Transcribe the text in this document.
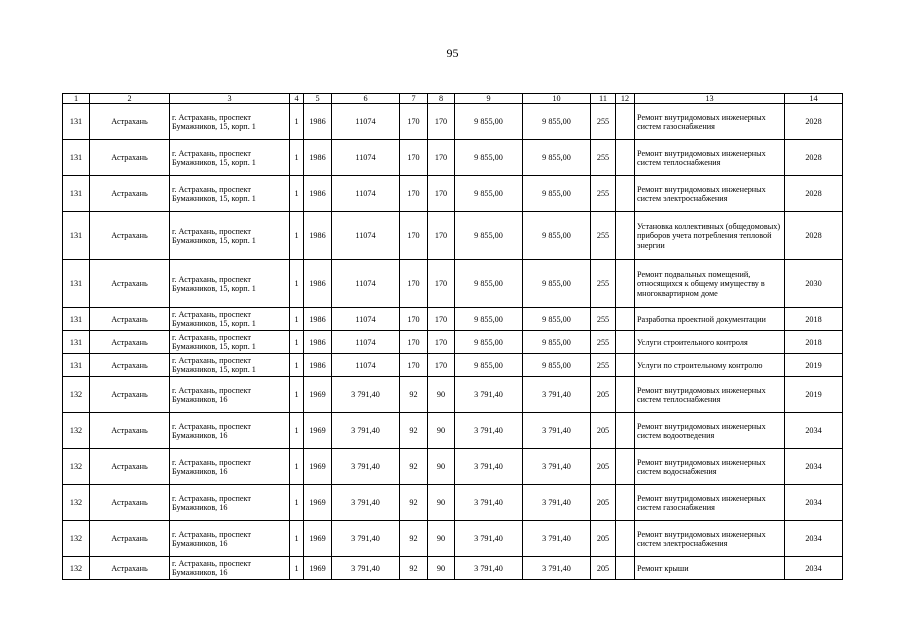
95
1	2	3	4	5	6	7	8	9	10	11	12	13	14
131	Астрахань	г. Астрахань, проспект Бумажников, 15, корп. 1	1	1986	11074	170	170	9 855,00	9 855,00	255		Ремонт внутридомовых инженерных систем газоснабжения	2028
131	Астрахань	г. Астрахань, проспект Бумажников, 15, корп. 1	1	1986	11074	170	170	9 855,00	9 855,00	255		Ремонт внутридомовых инженерных систем теплоснабжения	2028
131	Астрахань	г. Астрахань, проспект Бумажников, 15, корп. 1	1	1986	11074	170	170	9 855,00	9 855,00	255		Ремонт внутридомовых инженерных систем электроснабжения	2028
131	Астрахань	г. Астрахань, проспект Бумажников, 15, корп. 1	1	1986	11074	170	170	9 855,00	9 855,00	255		Установка коллективных (общедомовых) приборов учета потребления тепловой энергии	2028
131	Астрахань	г. Астрахань, проспект Бумажников, 15, корп. 1	1	1986	11074	170	170	9 855,00	9 855,00	255		Ремонт подвальных помещений, относящихся к общему имуществу в многоквартирном доме	2030
131	Астрахань	г. Астрахань, проспект Бумажников, 15, корп. 1	1	1986	11074	170	170	9 855,00	9 855,00	255		Разработка проектной документации	2018
131	Астрахань	г. Астрахань, проспект Бумажников, 15, корп. 1	1	1986	11074	170	170	9 855,00	9 855,00	255		Услуги строительного контроля	2018
131	Астрахань	г. Астрахань, проспект Бумажников, 15, корп. 1	1	1986	11074	170	170	9 855,00	9 855,00	255		Услуги по строительному контролю	2019
132	Астрахань	г. Астрахань, проспект Бумажников, 16	1	1969	3 791,40	92	90	3 791,40	3 791,40	205		Ремонт внутридомовых инженерных систем теплоснабжения	2019
132	Астрахань	г. Астрахань, проспект Бумажников, 16	1	1969	3 791,40	92	90	3 791,40	3 791,40	205		Ремонт внутридомовых инженерных систем водоотведения	2034
132	Астрахань	г. Астрахань, проспект Бумажников, 16	1	1969	3 791,40	92	90	3 791,40	3 791,40	205		Ремонт внутридомовых инженерных систем водоснабжения	2034
132	Астрахань	г. Астрахань, проспект Бумажников, 16	1	1969	3 791,40	92	90	3 791,40	3 791,40	205		Ремонт внутридомовых инженерных систем газоснабжения	2034
132	Астрахань	г. Астрахань, проспект Бумажников, 16	1	1969	3 791,40	92	90	3 791,40	3 791,40	205		Ремонт внутридомовых инженерных систем электроснабжения	2034
132	Астрахань	г. Астрахань, проспект Бумажников, 16	1	1969	3 791,40	92	90	3 791,40	3 791,40	205		Ремонт крыши	2034
